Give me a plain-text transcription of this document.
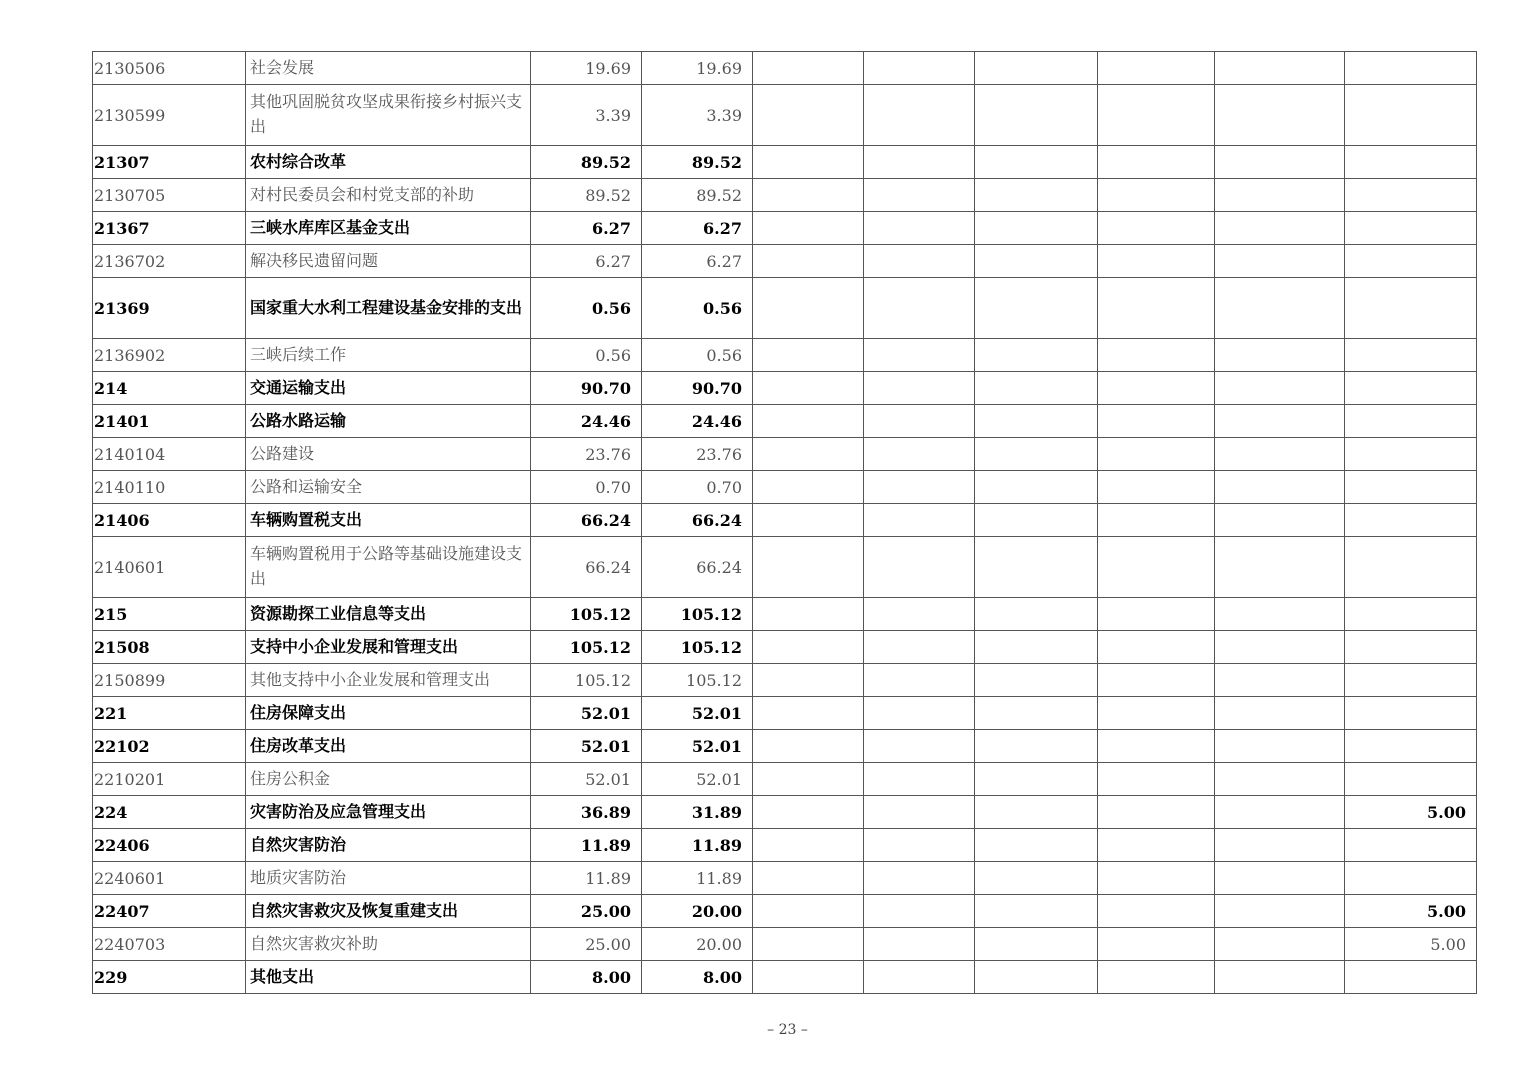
2130506	社会发展	19.69	19.69						
2130599	其他巩固脱贫攻坚成果衔接乡村振兴支出	3.39	3.39						
21307	农村综合改革	89.52	89.52						
2130705	对村民委员会和村党支部的补助	89.52	89.52						
21367	三峡水库库区基金支出	6.27	6.27						
2136702	解决移民遗留问题	6.27	6.27						
21369	国家重大水利工程建设基金安排的支出	0.56	0.56						
2136902	三峡后续工作	0.56	0.56						
214	交通运输支出	90.70	90.70						
21401	公路水路运输	24.46	24.46						
2140104	公路建设	23.76	23.76						
2140110	公路和运输安全	0.70	0.70						
21406	车辆购置税支出	66.24	66.24						
2140601	车辆购置税用于公路等基础设施建设支出	66.24	66.24						
215	资源勘探工业信息等支出	105.12	105.12						
21508	支持中小企业发展和管理支出	105.12	105.12						
2150899	其他支持中小企业发展和管理支出	105.12	105.12						
221	住房保障支出	52.01	52.01						
22102	住房改革支出	52.01	52.01						
2210201	住房公积金	52.01	52.01						
224	灾害防治及应急管理支出	36.89	31.89						5.00
22406	自然灾害防治	11.89	11.89						
2240601	地质灾害防治	11.89	11.89						
22407	自然灾害救灾及恢复重建支出	25.00	20.00						5.00
2240703	自然灾害救灾补助	25.00	20.00						5.00
229	其他支出	8.00	8.00						
– 23 –
